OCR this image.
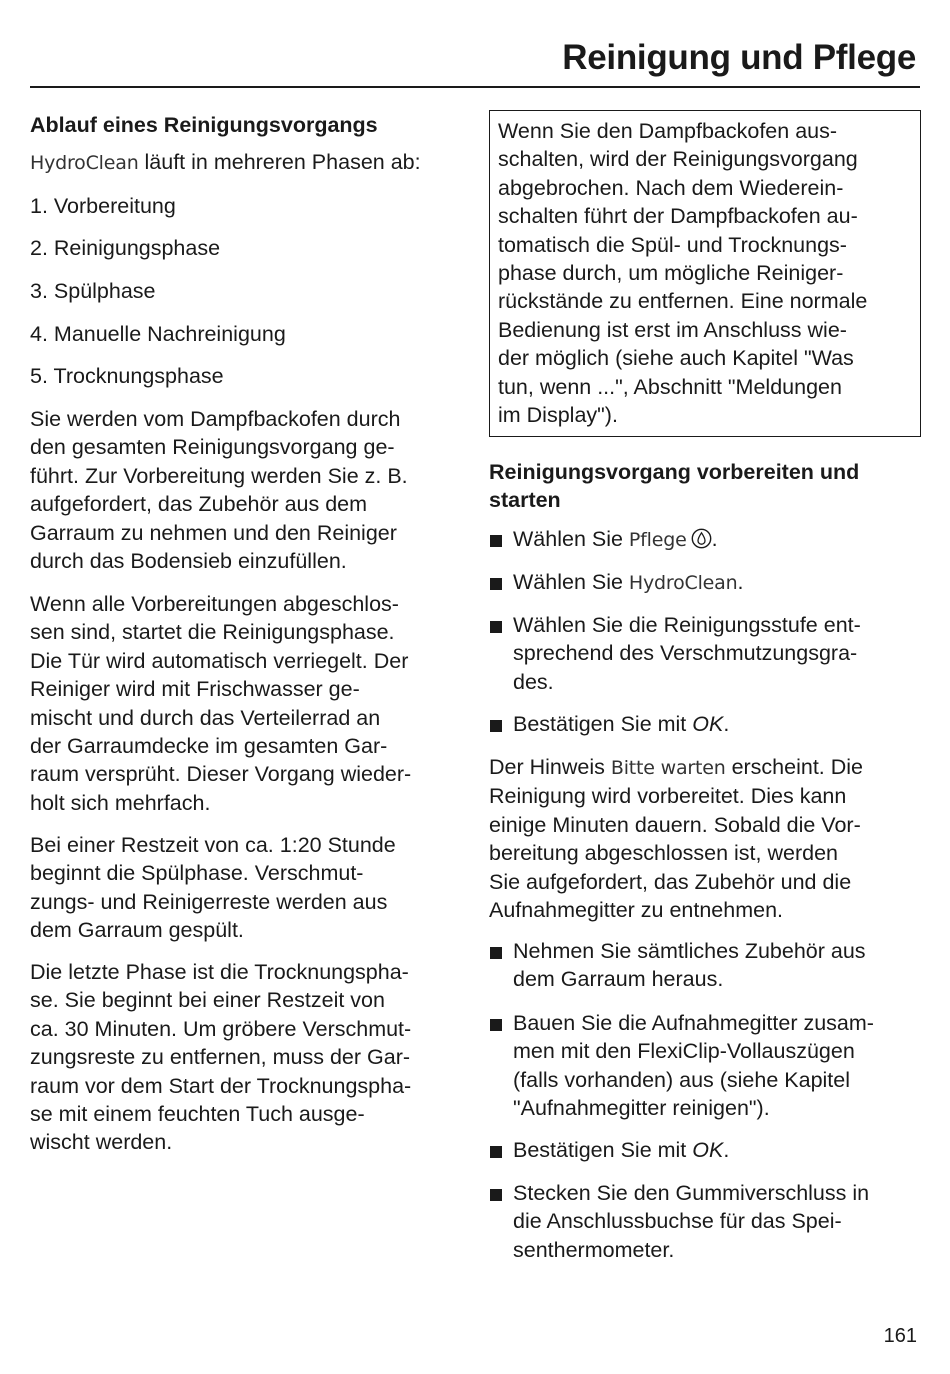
Reinigung und Pflege

Ablauf eines Reinigungsvorgangs

HydroClean läuft in mehreren Phasen ab:

1. Vorbereitung

2. Reinigungsphase

3. Spülphase

4. Manuelle Nachreinigung

5. Trocknungsphase

Sie werden vom Dampfbackofen durch

den gesamten Reinigungsvorgang ge-

führt. Zur Vorbereitung werden Sie z. B.

aufgefordert, das Zubehör aus dem

Garraum zu nehmen und den Reiniger

durch das Bodensieb einzufüllen.

Wenn alle Vorbereitungen abgeschlos-

sen sind, startet die Reinigungsphase.

Die Tür wird automatisch verriegelt. Der

Reiniger wird mit Frischwasser ge-

mischt und durch das Verteilerrad an

der Garraumdecke im gesamten Gar-

raum versprüht. Dieser Vorgang wieder-

holt sich mehrfach.

Bei einer Restzeit von ca. 1:20 Stunde

beginnt die Spülphase. Verschmut-

zungs- und Reinigerreste werden aus

dem Garraum gespült.

Die letzte Phase ist die Trocknungspha-

se. Sie beginnt bei einer Restzeit von

ca. 30 Minuten. Um gröbere Verschmut-

zungsreste zu entfernen, muss der Gar-

raum vor dem Start der Trocknungspha-

se mit einem feuchten Tuch ausge-

wischt werden.

Wenn Sie den Dampfbackofen aus-

schalten, wird der Reinigungsvorgang

abgebrochen. Nach dem Wiederein-

schalten führt der Dampfbackofen au-

tomatisch die Spül- und Trocknungs-

phase durch, um mögliche Reiniger-

rückstände zu entfernen. Eine normale

Bedienung ist erst im Anschluss wie-

der möglich (siehe auch Kapitel "Was

tun, wenn ...", Abschnitt "Meldungen

im Display").

Reinigungsvorgang vorbereiten und

starten

Wählen Sie Pflege .

Wählen Sie HydroClean.

Wählen Sie die Reinigungsstufe ent-

sprechend des Verschmutzungsgra-

des.

Bestätigen Sie mit OK.

Der Hinweis Bitte warten erscheint. Die

Reinigung wird vorbereitet. Dies kann

einige Minuten dauern. Sobald die Vor-

bereitung abgeschlossen ist, werden

Sie aufgefordert, das Zubehör und die

Aufnahmegitter zu entnehmen.

Nehmen Sie sämtliches Zubehör aus

dem Garraum heraus.

Bauen Sie die Aufnahmegitter zusam-

men mit den FlexiClip-Vollauszügen

(falls vorhanden) aus (siehe Kapitel

"Aufnahmegitter reinigen").

Bestätigen Sie mit OK.

Stecken Sie den Gummiverschluss in

die Anschlussbuchse für das Spei-

senthermometer.

161
